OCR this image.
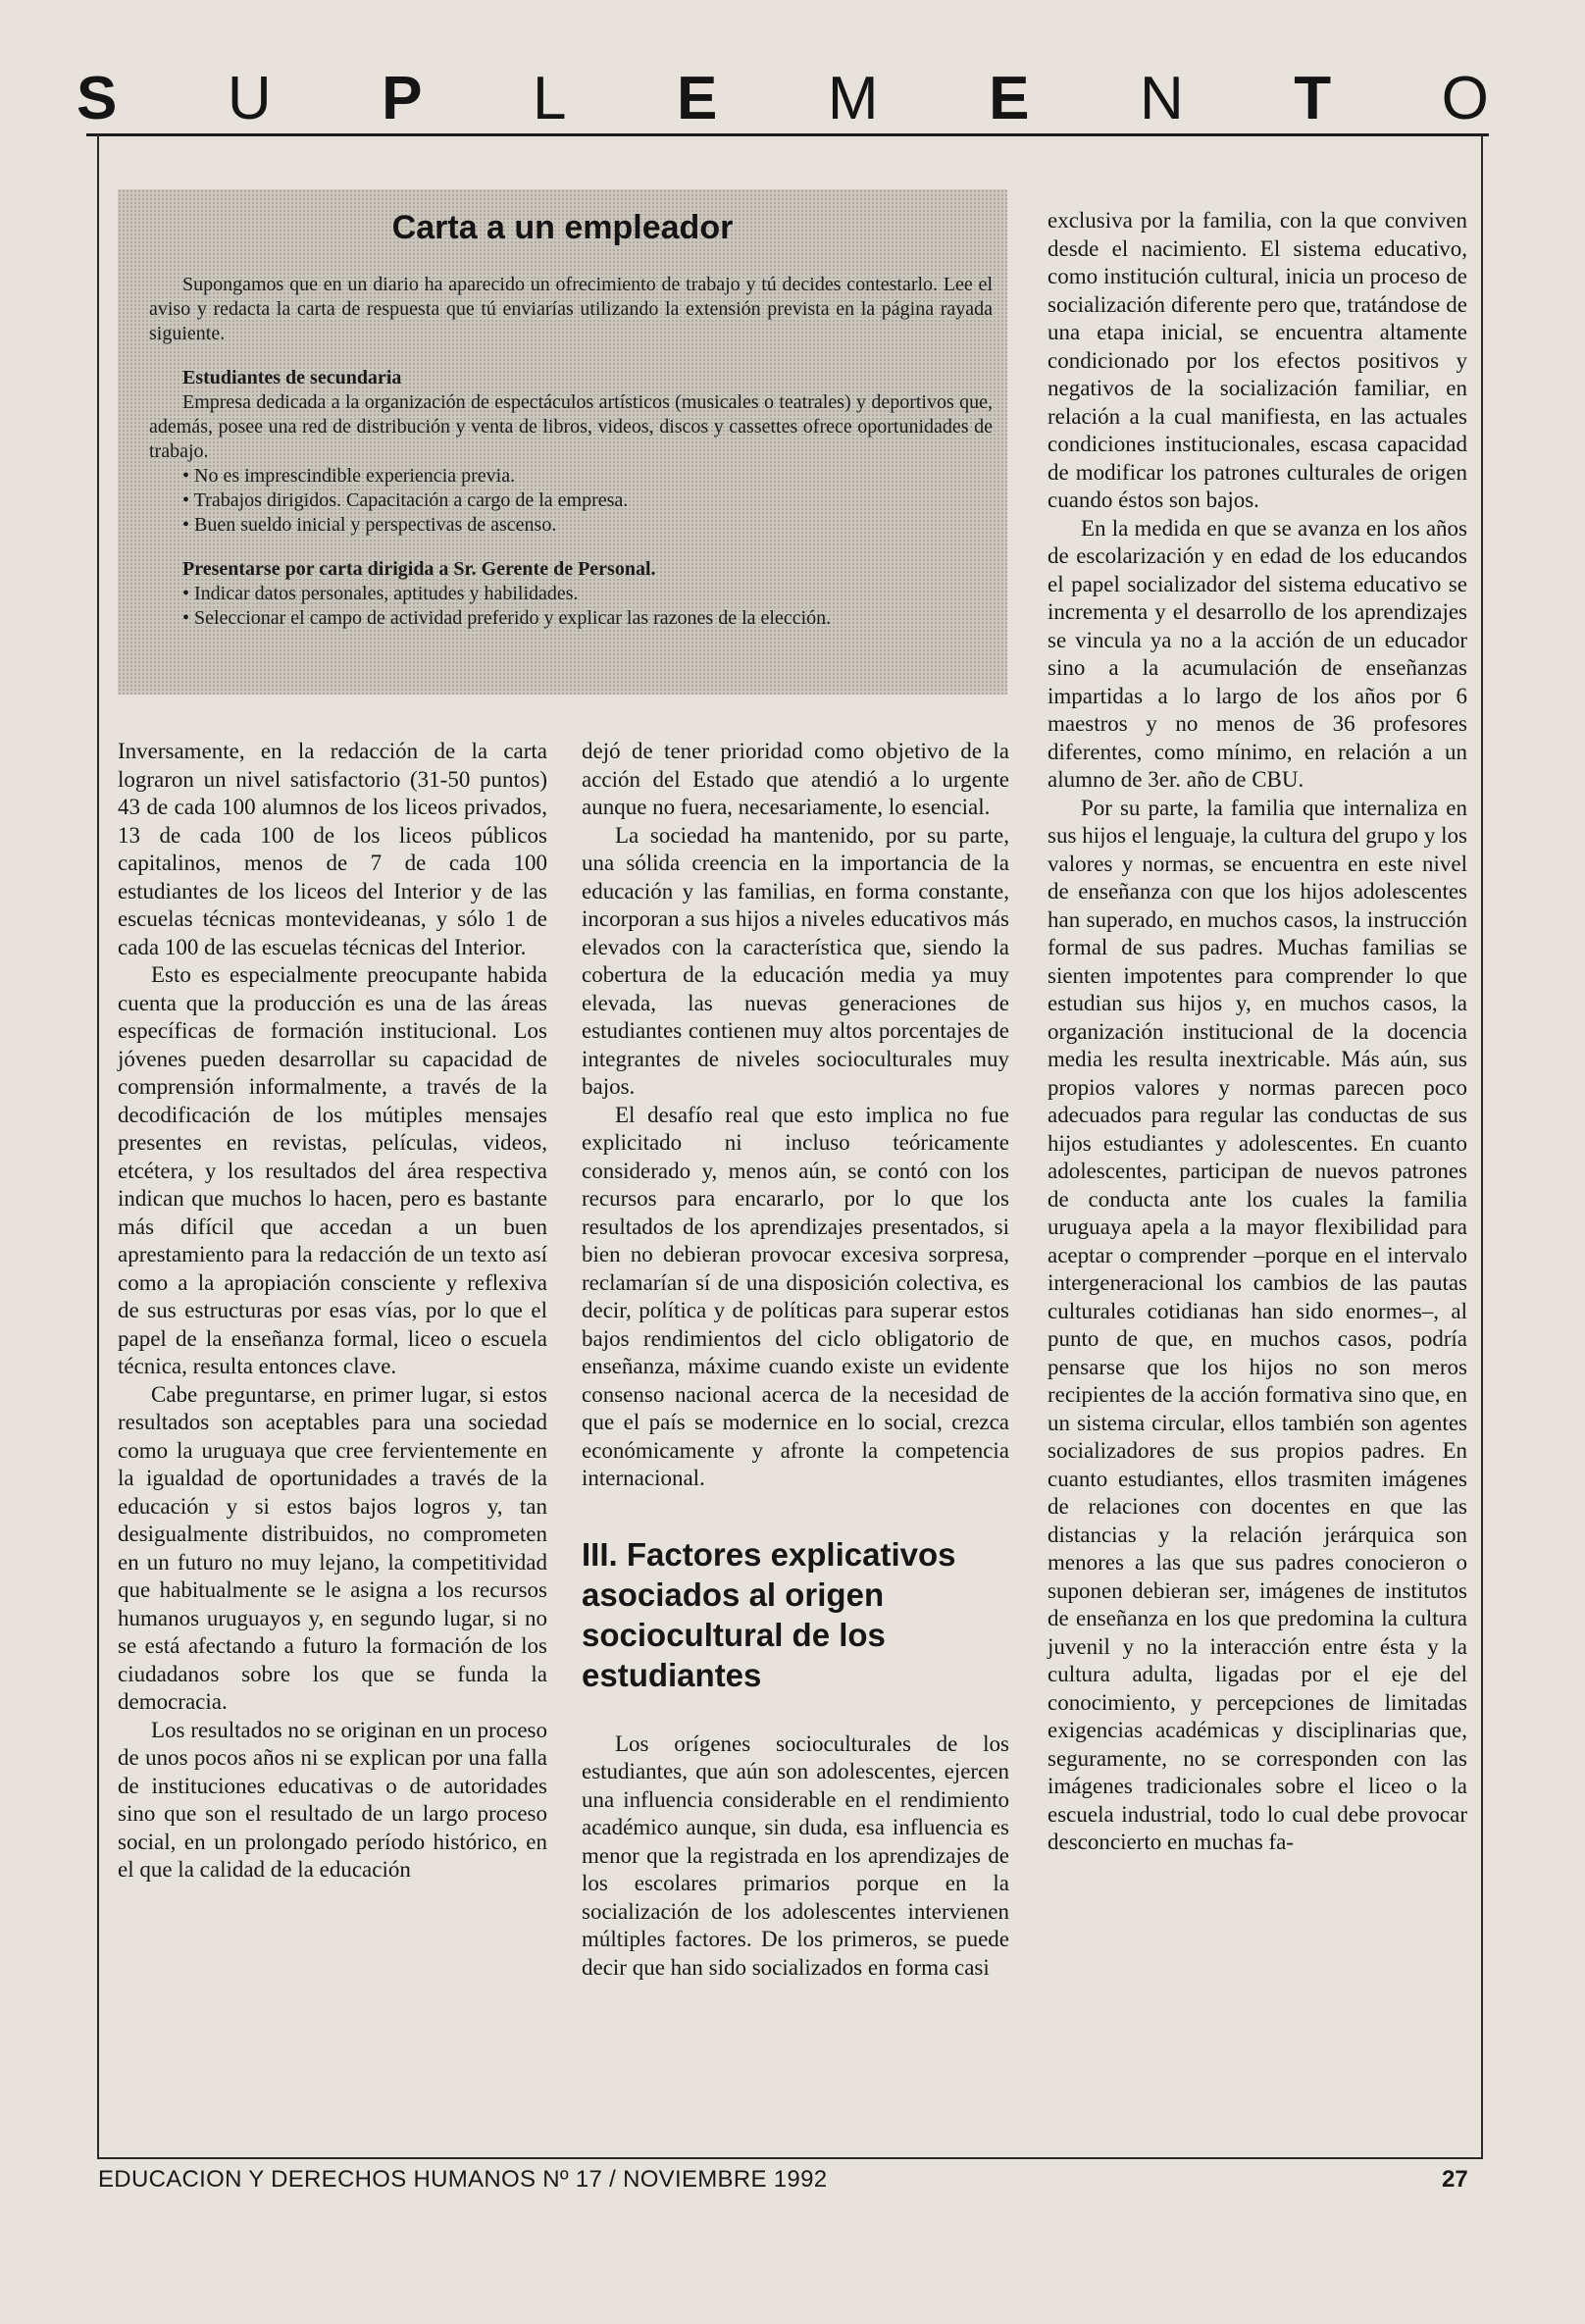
S U P L E M E N T O
Carta a un empleador

Supongamos que en un diario ha aparecido un ofrecimiento de trabajo y tú decides contestarlo. Lee el aviso y redacta la carta de respuesta que tú enviarías utilizando la extensión prevista en la página rayada siguiente.

Estudiantes de secundaria

Empresa dedicada a la organización de espectáculos artísticos (musicales o teatrales) y deportivos que, además, posee una red de distribución y venta de libros, videos, discos y cassettes ofrece oportunidades de trabajo.

• No es imprescindible experiencia previa.

• Trabajos dirigidos. Capacitación a cargo de la empresa.

• Buen sueldo inicial y perspectivas de ascenso.

Presentarse por carta dirigida a Sr. Gerente de Personal.

• Indicar datos personales, aptitudes y habilidades.

• Seleccionar el campo de actividad preferido y explicar las razones de la elección.

Inversamente, en la redacción de la carta lograron un nivel satisfactorio (31-50 puntos) 43 de cada 100 alumnos de los liceos privados, 13 de cada 100 de los liceos públicos capitalinos, menos de 7 de cada 100 estudiantes de los liceos del Interior y de las escuelas técnicas montevideanas, y sólo 1 de cada 100 de las escuelas técnicas del Interior.

Esto es especialmente preocupante habida cuenta que la producción es una de las áreas específicas de formación institucional. Los jóvenes pueden desarrollar su capacidad de comprensión informalmente, a través de la decodificación de los mútiples mensajes presentes en revistas, películas, videos, etcétera, y los resultados del área respectiva indican que muchos lo hacen, pero es bastante más difícil que accedan a un buen aprestamiento para la redacción de un texto así como a la apropiación consciente y reflexiva de sus estructuras por esas vías, por lo que el papel de la enseñanza formal, liceo o escuela técnica, resulta entonces clave.

Cabe preguntarse, en primer lugar, si estos resultados son aceptables para una sociedad como la uruguaya que cree fervientemente en la igualdad de oportunidades a través de la educación y si estos bajos logros y, tan desigualmente distribuidos, no comprometen en un futuro no muy lejano, la competitividad que habitualmente se le asigna a los recursos humanos uruguayos y, en segundo lugar, si no se está afectando a futuro la formación de los ciudadanos sobre los que se funda la democracia.

Los resultados no se originan en un proceso de unos pocos años ni se explican por una falla de instituciones educativas o de autoridades sino que son el resultado de un largo proceso social, en un prolongado período histórico, en el que la calidad de la educación

dejó de tener prioridad como objetivo de la acción del Estado que atendió a lo urgente aunque no fuera, necesariamente, lo esencial.

La sociedad ha mantenido, por su parte, una sólida creencia en la importancia de la educación y las familias, en forma constante, incorporan a sus hijos a niveles educativos más elevados con la característica que, siendo la cobertura de la educación media ya muy elevada, las nuevas generaciones de estudiantes contienen muy altos porcentajes de integrantes de niveles socioculturales muy bajos.

El desafío real que esto implica no fue explicitado ni incluso teóricamente considerado y, menos aún, se contó con los recursos para encararlo, por lo que los resultados de los aprendizajes presentados, si bien no debieran provocar excesiva sorpresa, reclamarían sí de una disposición colectiva, es decir, política y de políticas para superar estos bajos rendimientos del ciclo obligatorio de enseñanza, máxime cuando existe un evidente consenso nacional acerca de la necesidad de que el país se modernice en lo social, crezca económicamente y afronte la competencia internacional.

III. Factores explicativos asociados al origen sociocultural de los estudiantes

Los orígenes socioculturales de los estudiantes, que aún son adolescentes, ejercen una influencia considerable en el rendimiento académico aunque, sin duda, esa influencia es menor que la registrada en los aprendizajes de los escolares primarios porque en la socialización de los adolescentes intervienen múltiples factores. De los primeros, se puede decir que han sido socializados en forma casi

exclusiva por la familia, con la que conviven desde el nacimiento. El sistema educativo, como institución cultural, inicia un proceso de socialización diferente pero que, tratándose de una etapa inicial, se encuentra altamente condicionado por los efectos positivos y negativos de la socialización familiar, en relación a la cual manifiesta, en las actuales condiciones institucionales, escasa capacidad de modificar los patrones culturales de origen cuando éstos son bajos.

En la medida en que se avanza en los años de escolarización y en edad de los educandos el papel socializador del sistema educativo se incrementa y el desarrollo de los aprendizajes se vincula ya no a la acción de un educador sino a la acumulación de enseñanzas impartidas a lo largo de los años por 6 maestros y no menos de 36 profesores diferentes, como mínimo, en relación a un alumno de 3er. año de CBU.

Por su parte, la familia que internaliza en sus hijos el lenguaje, la cultura del grupo y los valores y normas, se encuentra en este nivel de enseñanza con que los hijos adolescentes han superado, en muchos casos, la instrucción formal de sus padres. Muchas familias se sienten impotentes para comprender lo que estudian sus hijos y, en muchos casos, la organización institucional de la docencia media les resulta inextricable. Más aún, sus propios valores y normas parecen poco adecuados para regular las conductas de sus hijos estudiantes y adolescentes. En cuanto adolescentes, participan de nuevos patrones de conducta ante los cuales la familia uruguaya apela a la mayor flexibilidad para aceptar o comprender –porque en el intervalo intergeneracional los cambios de las pautas culturales cotidianas han sido enormes–, al punto de que, en muchos casos, podría pensarse que los hijos no son meros recipientes de la acción formativa sino que, en un sistema circular, ellos también son agentes socializadores de sus propios padres. En cuanto estudiantes, ellos trasmiten imágenes de relaciones con docentes en que las distancias y la relación jerárquica son menores a las que sus padres conocieron o suponen debieran ser, imágenes de institutos de enseñanza en los que predomina la cultura juvenil y no la interacción entre ésta y la cultura adulta, ligadas por el eje del conocimiento, y percepciones de limitadas exigencias académicas y disciplinarias que, seguramente, no se corresponden con las imágenes tradicionales sobre el liceo o la escuela industrial, todo lo cual debe provocar desconcierto en muchas fa-

EDUCACION Y DERECHOS HUMANOS Nº 17 / NOVIEMBRE 1992	27
